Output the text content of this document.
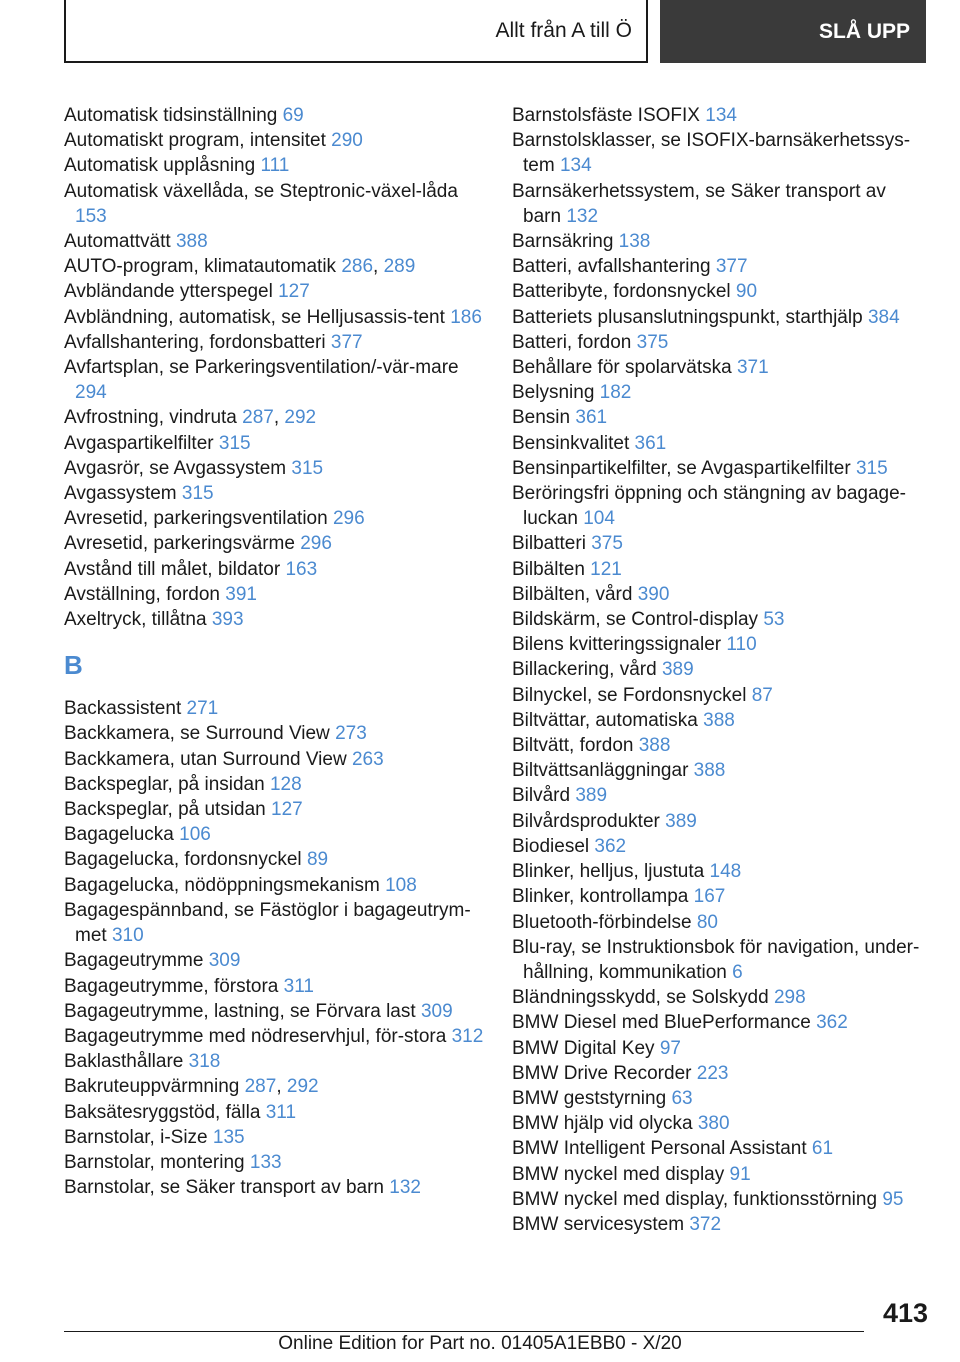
Allt från A till Ö	SLÅ UPP
Automatisk tidsinställning 69
Automatiskt program, intensitet 290
Automatisk upplåsning 111
Automatisk växellåda, se Steptronic-växel‐låda 153
Automattvätt 388
AUTO-program, klimatautomatik 286, 289
Avbländande ytterspegel 127
Avbländning, automatisk, se Helljusassis‐tent 186
Avfallshantering, fordonsbatteri 377
Avfartsplan, se Parkeringsventilation/-vär‐mare 294
Avfrostning, vindruta 287, 292
Avgaspartikelfilter 315
Avgasrör, se Avgassystem 315
Avgassystem 315
Avresetid, parkeringsventilation 296
Avresetid, parkeringsvärme 296
Avstånd till målet, bildator 163
Avställning, fordon 391
Axeltryck, tillåtna 393
B
Backassistent 271
Backkamera, se Surround View 273
Backkamera, utan Surround View 263
Backspeglar, på insidan 128
Backspeglar, på utsidan 127
Bagagelucka 106
Bagagelucka, fordonsnyckel 89
Bagagelucka, nödöppningsmekanism 108
Bagagespännband, se Fästöglor i bagageutrym‐met 310
Bagageutrymme 309
Bagageutrymme, förstora 311
Bagageutrymme, lastning, se Förvara last 309
Bagageutrymme med nödreservhjul, för‐stora 312
Baklasthållare 318
Bakruteuppvärmning 287, 292
Baksätesryggstöd, fälla 311
Barnstolar, i-Size 135
Barnstolar, montering 133
Barnstolar, se Säker transport av barn 132
Barnstolsfäste ISOFIX 134
Barnstolsklasser, se ISOFIX-barnsäkerhetssys‐tem 134
Barnsäkerhetssystem, se Säker transport av barn 132
Barnsäkring 138
Batteri, avfallshantering 377
Batteribyte, fordonsnyckel 90
Batteriets plusanslutningspunkt, starthjälp 384
Batteri, fordon 375
Behållare för spolarvätska 371
Belysning 182
Bensin 361
Bensinkvalitet 361
Bensinpartikelfilter, se Avgaspartikelfilter 315
Beröringsfri öppning och stängning av bagage‐luckan 104
Bilbatteri 375
Bilbälten 121
Bilbälten, vård 390
Bildskärm, se Control-display 53
Bilens kvitteringssignaler 110
Billackering, vård 389
Bilnyckel, se Fordonsnyckel 87
Biltvättar, automatiska 388
Biltvätt, fordon 388
Biltvättsanläggningar 388
Bilvård 389
Bilvårdsprodukter 389
Biodiesel 362
Blinker, helljus, ljustuta 148
Blinker, kontrollampa 167
Bluetooth-förbindelse 80
Blu-ray, se Instruktionsbok för navigation, under‐hållning, kommunikation 6
Bländningsskydd, se Solskydd 298
BMW Diesel med BluePerformance 362
BMW Digital Key 97
BMW Drive Recorder 223
BMW geststyrning 63
BMW hjälp vid olycka 380
BMW Intelligent Personal Assistant 61
BMW nyckel med display 91
BMW nyckel med display, funktionsstörning 95
BMW servicesystem 372
413
Online Edition for Part no. 01405A1EBB0 - X/20
